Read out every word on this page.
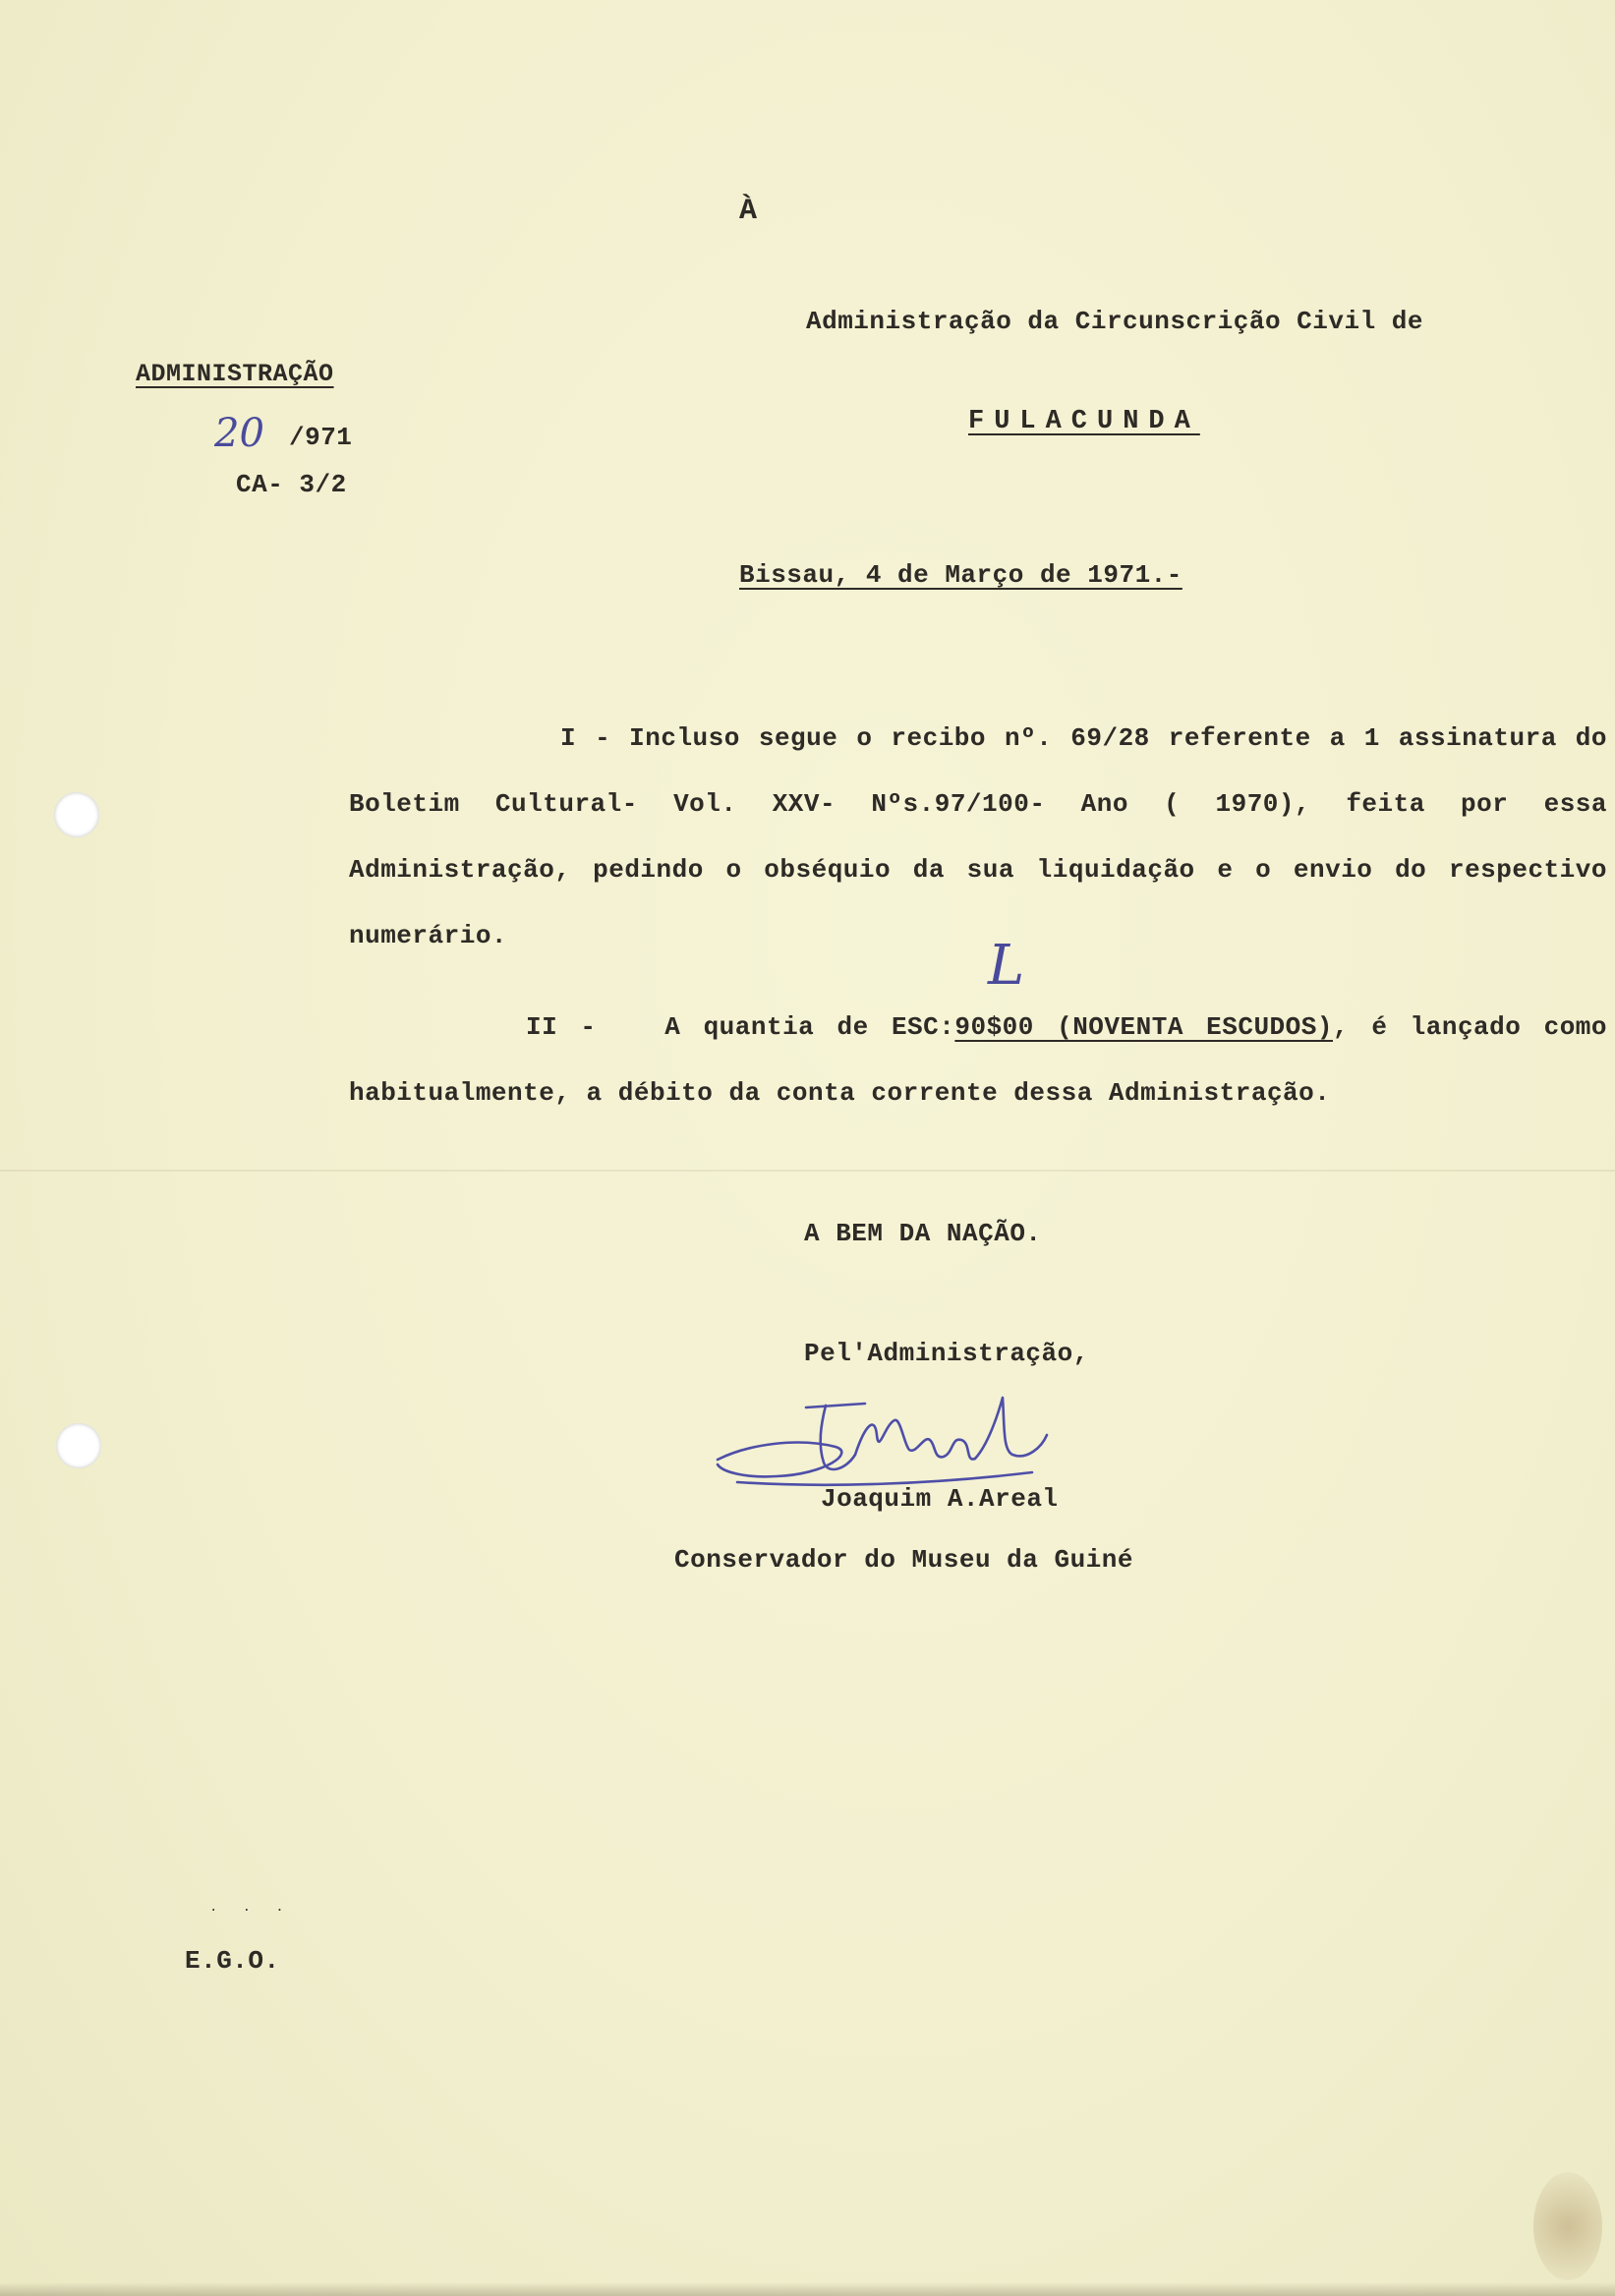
À
Administração da Circunscrição Civil de
FULACUNDA
ADMINISTRAÇÃO
20 /971
CA- 3/2
Bissau, 4 de Março de 1971.-
I - Incluso segue o recibo nº. 69/28 referente a 1 assinatura do Boletim Cultural- Vol. XXV- Nºs.97/100- Ano ( 1970), feita por essa Administração, pedindo o obséquio da sua liquidação e o envio do respectivo numerário.	L
II -	A quantia de ESC:90$00 (NOVENTA ESCUDOS), é lançado como habitualmente, a débito da conta corrente dessa Administração.
A BEM DA NAÇÃO.
Pel'Administração,
Joaquim A.Areal
Conservador do Museu da Guiné
·   ·   ·
E.G.O.
